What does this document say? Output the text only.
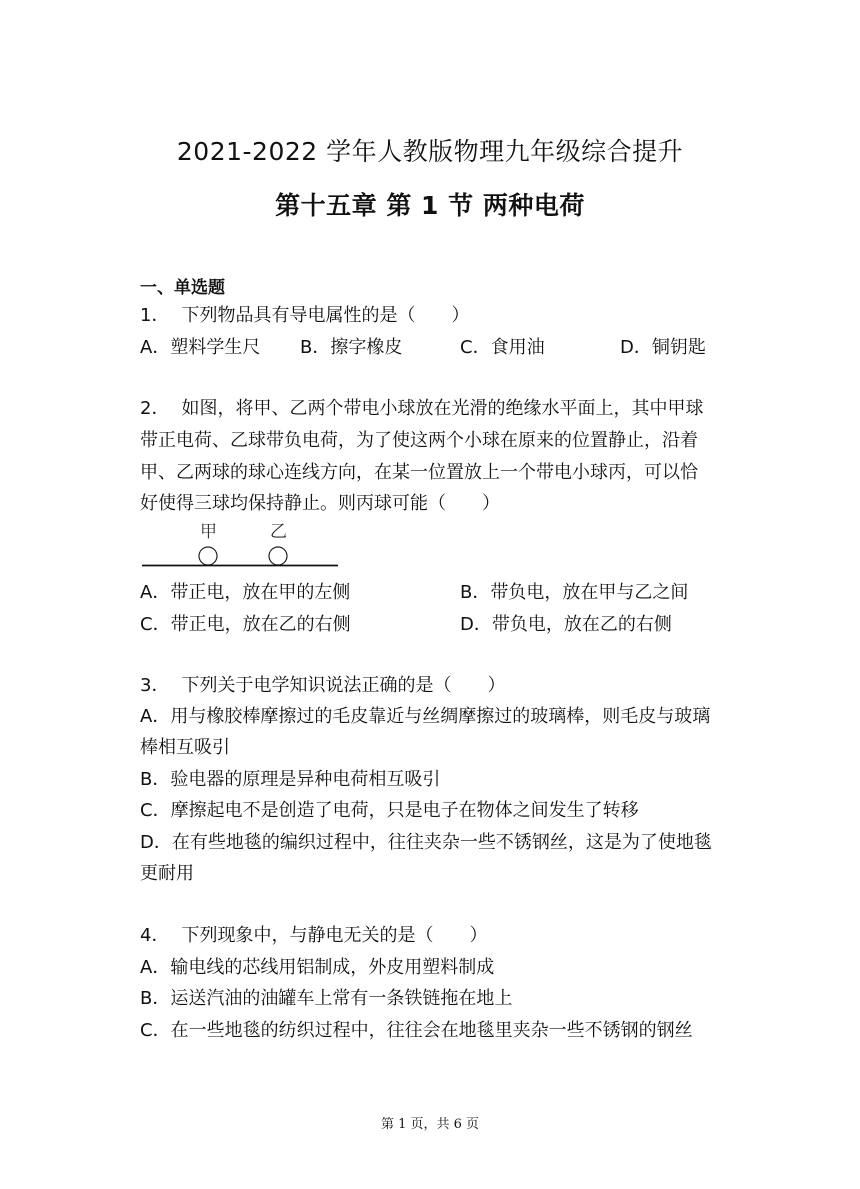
2021-2022 学年人教版物理九年级综合提升
第十五章 第 1 节 两种电荷
一、单选题
1． 下列物品具有导电属性的是（　　）
A．塑料学生尺 B．擦字橡皮	C．食用油	D．铜钥匙
2． 如图，将甲、乙两个带电小球放在光滑的绝缘水平面上，其中甲球
带正电荷、乙球带负电荷，为了使这两个小球在原来的位置静止，沿着
甲、乙两球的球心连线方向，在某一位置放上一个带电小球丙，可以恰
好使得三球均保持静止。则丙球可能（　　）
甲	乙
A．带正电，放在甲的左侧	B．带负电，放在甲与乙之间
C．带正电，放在乙的右侧	D．带负电，放在乙的右侧
3． 下列关于电学知识说法正确的是（　　）
A．用与橡胶棒摩擦过的毛皮靠近与丝绸摩擦过的玻璃棒，则毛皮与玻璃
棒相互吸引
B．验电器的原理是异种电荷相互吸引
C．摩擦起电不是创造了电荷，只是电子在物体之间发生了转移
D．在有些地毯的编织过程中，往往夹杂一些不锈钢丝，这是为了使地毯
更耐用
4． 下列现象中，与静电无关的是（　　）
A．输电线的芯线用铝制成，外皮用塑料制成
B．运送汽油的油罐车上常有一条铁链拖在地上
C．在一些地毯的纺织过程中，往往会在地毯里夹杂一些不锈钢的钢丝
第 1 页，共 6 页
